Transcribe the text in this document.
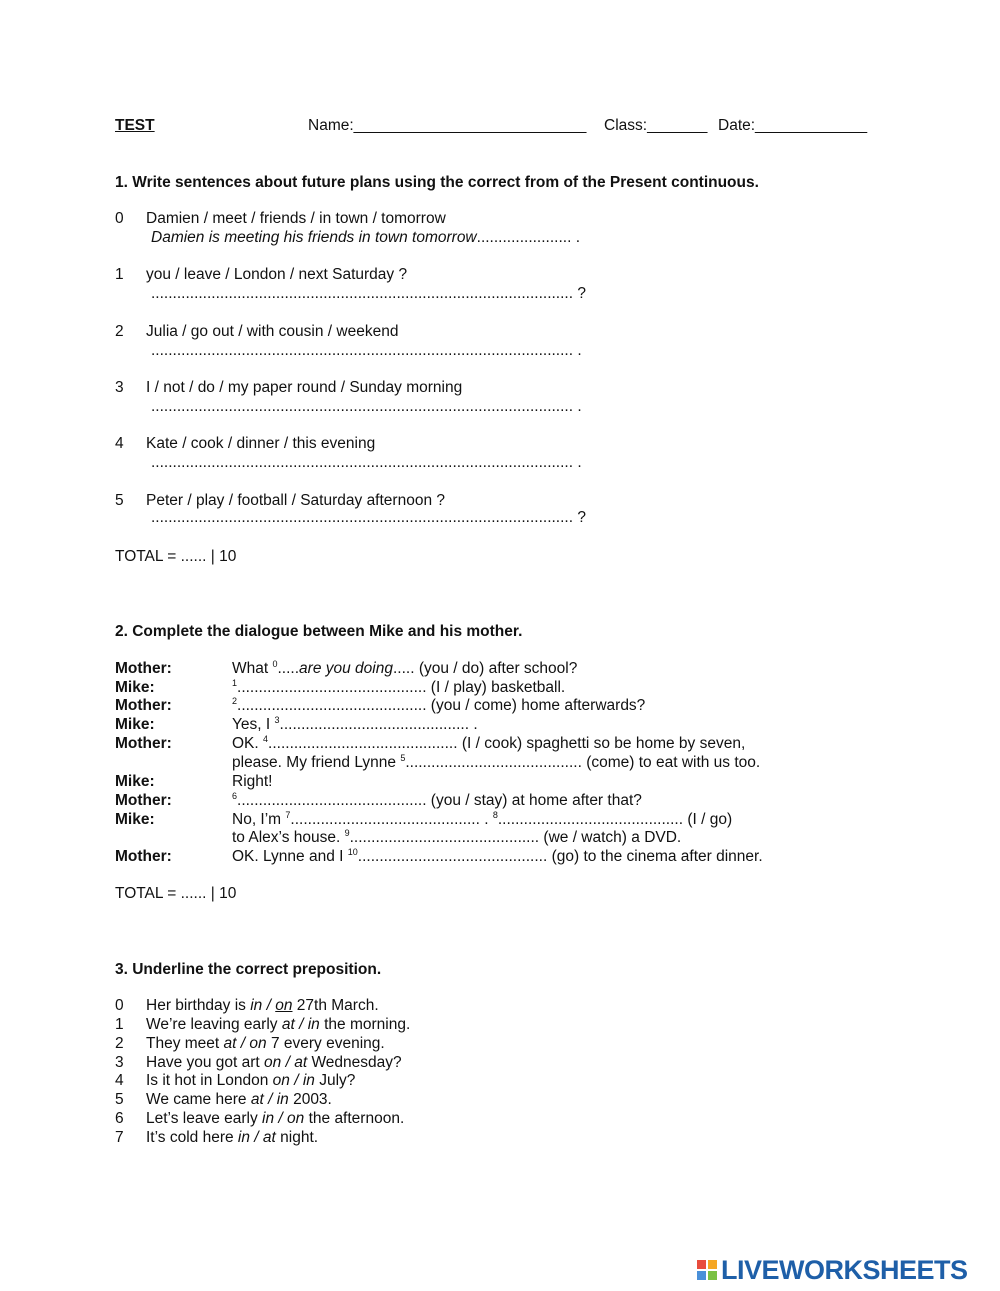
TEST	Name:___________________________ Class:_______ Date:_____________
1. Write sentences about future plans using the correct from of the Present continuous.
0 Damien / meet / friends / in town / tomorrow
Damien is meeting his friends in town tomorrow...................... .
1 you / leave / London / next Saturday ?
.................................................................................................. ?
2 Julia / go out / with cousin / weekend
.................................................................................................. .
3 I / not / do / my paper round / Sunday morning
.................................................................................................. .
4 Kate / cook / dinner / this evening
.................................................................................................. .
5 Peter / play / football / Saturday afternoon ?
.................................................................................................. ?
TOTAL = ...... | 10
2. Complete the dialogue between Mike and his mother.
Mother:	What $^0$.....are you doing..... (you / do) after school?
Mike:	$^1$............................................ (I / play) basketball.
Mother:	$^2$............................................ (you / come) home afterwards?
Mike:	Yes, I $^3$............................................ .
Mother:	OK. $^4$............................................ (I / cook) spaghetti so be home by seven,
please. My friend Lynne $^5$......................................... (come) to eat with us too.
Mike:	Right!
Mother:	$^6$............................................ (you / stay) at home after that?
Mike:	No, I’m $^7$............................................ . $^8$........................................... (I / go)
to Alex’s house. $^9$............................................ (we / watch) a DVD.
Mother:	OK. Lynne and I $^{10}$............................................ (go) to the cinema after dinner.
TOTAL = ...... | 10
3. Underline the correct preposition.
0 Her birthday is in / on 27th March.
1 We’re leaving early at / in the morning.
2 They meet at / on 7 every evening.
3 Have you got art on / at Wednesday?
4 Is it hot in London on / in July?
5 We came here at / in 2003.
6 Let’s leave early in / on the afternoon.
7 It’s cold here in / at night.
LIVEWORKSHEETS
